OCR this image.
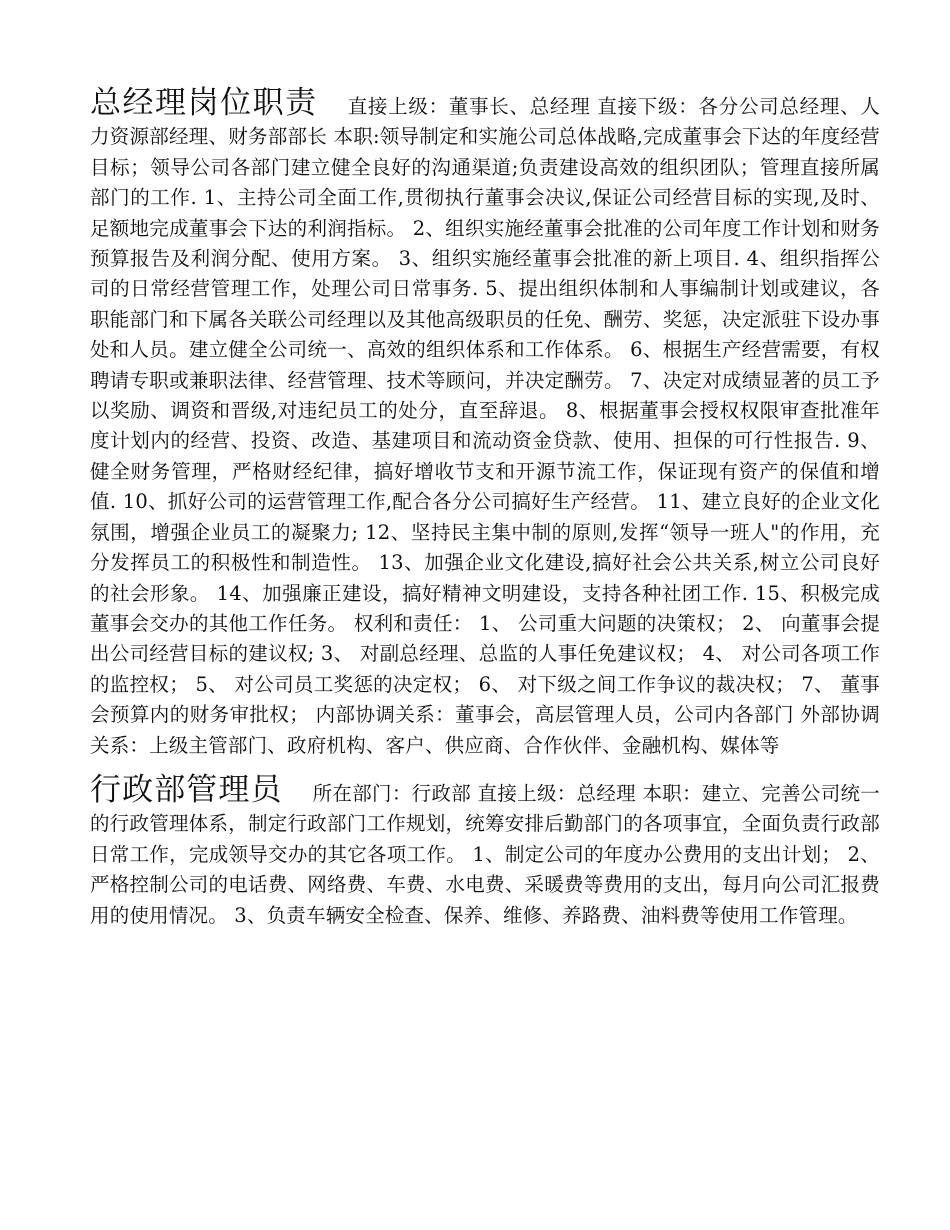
总经理岗位职责 直接上级：董事长、总经理 直接下级：各分公司总经理、人力资源部经理、财务部部长 本职:领导制定和实施公司总体战略,完成董事会下达的年度经营目标；领导公司各部门建立健全良好的沟通渠道;负责建设高效的组织团队；管理直接所属部门的工作. 1、主持公司全面工作,贯彻执行董事会决议,保证公司经营目标的实现,及时、足额地完成董事会下达的利润指标。 2、组织实施经董事会批准的公司年度工作计划和财务预算报告及利润分配、使用方案。 3、组织实施经董事会批准的新上项目. 4、组织指挥公司的日常经营管理工作，处理公司日常事务. 5、提出组织体制和人事编制计划或建议，各职能部门和下属各关联公司经理以及其他高级职员的任免、酬劳、奖惩，决定派驻下设办事处和人员。建立健全公司统一、高效的组织体系和工作体系。 6、根据生产经营需要，有权聘请专职或兼职法律、经营管理、技术等顾问，并决定酬劳。 7、决定对成绩显著的员工予以奖励、调资和晋级,对违纪员工的处分，直至辞退。 8、根据董事会授权权限审查批准年度计划内的经营、投资、改造、基建项目和流动资金贷款、使用、担保的可行性报告. 9、健全财务管理，严格财经纪律，搞好增收节支和开源节流工作，保证现有资产的保值和增值. 10、抓好公司的运营管理工作,配合各分公司搞好生产经营。 11、建立良好的企业文化氛围，增强企业员工的凝聚力; 12、坚持民主集中制的原则,发挥“领导一班人"的作用，充分发挥员工的积极性和制造性。 13、加强企业文化建设,搞好社会公共关系,树立公司良好的社会形象。 14、加强廉正建设，搞好精神文明建设，支持各种社团工作. 15、积极完成董事会交办的其他工作任务。 权利和责任： 1、 公司重大问题的决策权； 2、 向董事会提出公司经营目标的建议权; 3、 对副总经理、总监的人事任免建议权； 4、 对公司各项工作的监控权； 5、 对公司员工奖惩的决定权； 6、 对下级之间工作争议的裁决权； 7、 董事会预算内的财务审批权； 内部协调关系：董事会，高层管理人员，公司内各部门 外部协调关系：上级主管部门、政府机构、客户、供应商、合作伙伴、金融机构、媒体等

行政部管理员 所在部门：行政部 直接上级：总经理 本职：建立、完善公司统一的行政管理体系，制定行政部门工作规划，统筹安排后勤部门的各项事宜，全面负责行政部日常工作，完成领导交办的其它各项工作。 1、制定公司的年度办公费用的支出计划； 2、严格控制公司的电话费、网络费、车费、水电费、采暖费等费用的支出，每月向公司汇报费用的使用情况。 3、负责车辆安全检查、保养、维修、养路费、油料费等使用工作管理。
